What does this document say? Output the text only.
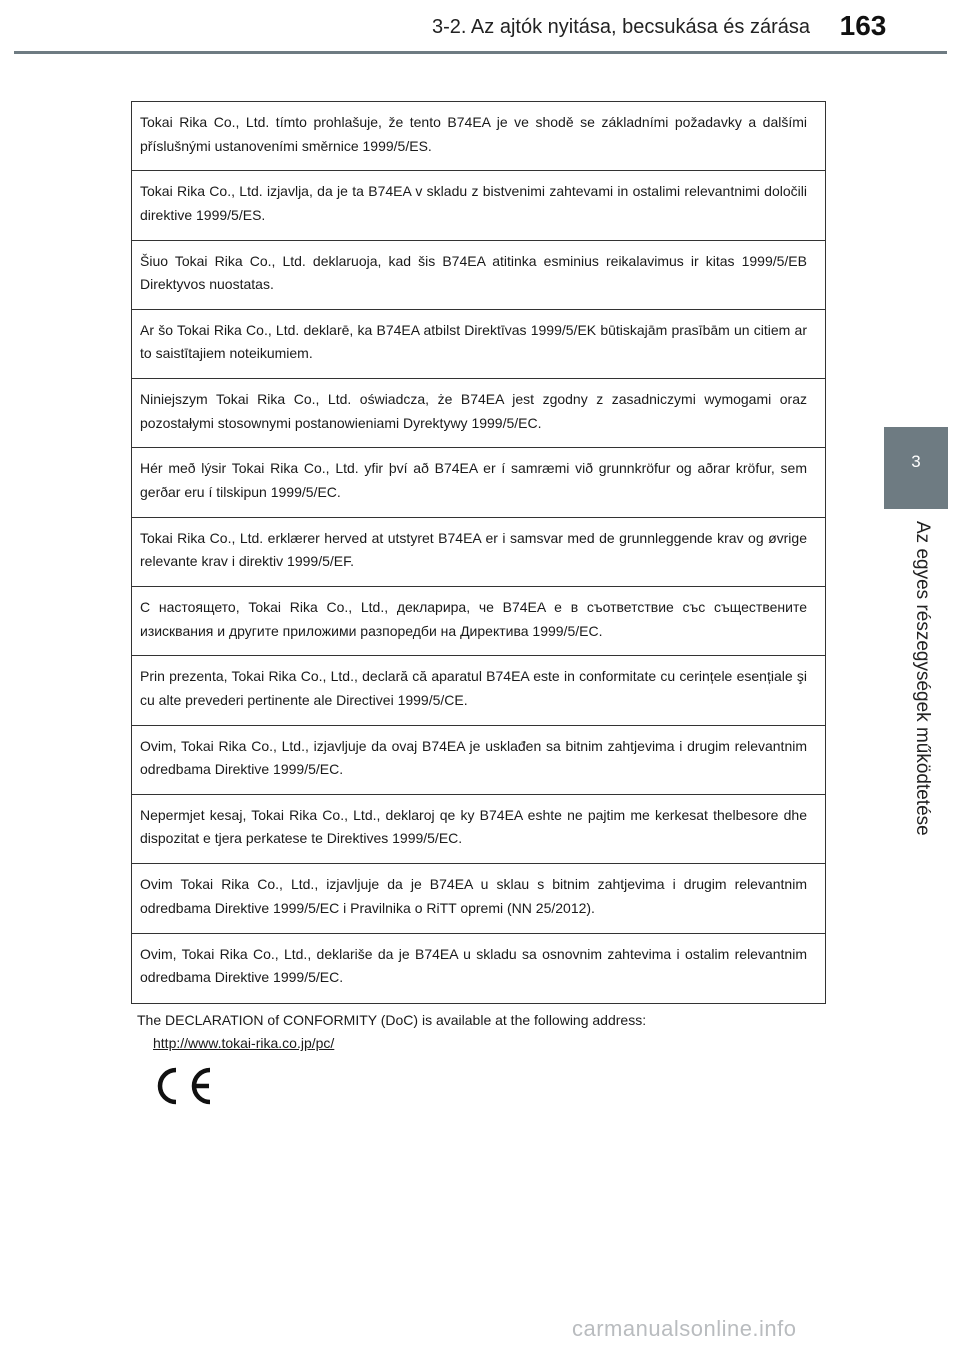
3-2. Az ajtók nyitása, becsukása és zárása	163
3
Az egyes részegységek működtetése
Tokai Rika Co., Ltd. tímto prohlašuje, že tento B74EA je ve shodě se základními požadavky a dalšími příslušnými ustanoveními směrnice 1999/5/ES.
Tokai Rika Co., Ltd. izjavlja, da je ta B74EA v skladu z bistvenimi zahtevami in ostalimi relevantnimi določili direktive 1999/5/ES.
Šiuo Tokai Rika Co., Ltd. deklaruoja, kad šis B74EA atitinka esminius reikalavimus ir kitas 1999/5/EB Direktyvos nuostatas.
Ar šo Tokai Rika Co., Ltd. deklarē, ka B74EA atbilst Direktīvas 1999/5/EK būtiskajām prasībām un citiem ar to saistītajiem noteikumiem.
Niniejszym Tokai Rika Co., Ltd. oświadcza, że B74EA jest zgodny z zasadniczymi wymogami oraz pozostałymi stosownymi postanowieniami Dyrektywy 1999/5/EC.
Hér með lýsir Tokai Rika Co., Ltd. yfir því að B74EA er í samræmi við grunnkröfur og aðrar kröfur, sem gerðar eru í tilskipun 1999/5/EC.
Tokai Rika Co., Ltd. erklærer herved at utstyret B74EA er i samsvar med de grunnleggende krav og øvrige relevante krav i direktiv 1999/5/EF.
С настоящето, Tokai Rika Co., Ltd., декларира, че B74EA е в съответствие със съществените изисквания и другите приложими разпоредби на Директива 1999/5/ЕС.
Prin prezenta, Tokai Rika Co., Ltd., declară că aparatul B74EA este in conformitate cu cerințele esențiale şi cu alte prevederi pertinente ale Directivei 1999/5/CE.
Ovim, Tokai Rika Co., Ltd., izjavljuje da ovaj B74EA je usklađen sa bitnim zahtjevima i drugim relevantnim odredbama Direktive 1999/5/EC.
Nepermjet kesaj, Tokai Rika Co., Ltd., deklaroj qe ky B74EA eshte ne pajtim me kerkesat thelbesore dhe dispozitat e tjera perkatese te Direktives 1999/5/EC.
Ovim Tokai Rika Co., Ltd., izjavljuje da je B74EA u sklau s bitnim zahtjevima i drugim relevantnim odredbama Direktive 1999/5/EC i Pravilnika o RiTT opremi (NN 25/2012).
Ovim, Tokai Rika Co., Ltd., deklariše da je B74EA u skladu sa osnovnim zahtevima i ostalim relevantnim odredbama Direktive 1999/5/EC.
The DECLARATION of CONFORMITY (DoC) is available at the following address:
http://www.tokai-rika.co.jp/pc/
carmanualsonline.info
